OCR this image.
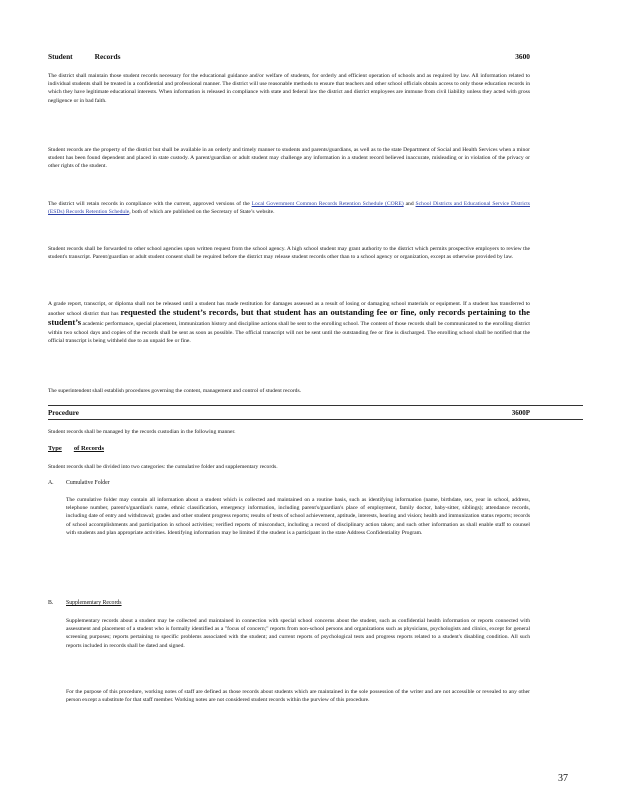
Student	Records	3600

The district shall maintain those student records necessary for the educational guidance and/or welfare of students, for orderly and efficient operation of schools and as required by law. All information related to individual students shall be treated in a confidential and professional manner. The district will use reasonable methods to ensure that teachers and other school officials obtain access to only those education records in which they have legitimate educational interests. When information is released in compliance with state and federal law the district and district employees are immune from civil liability unless they acted with gross negligence or in bad faith.

Student records are the property of the district but shall be available in an orderly and timely manner to students and parents/guardians, as well as to the state Department of Social and Health Services when a minor student has been found dependent and placed in state custody. A parent/guardian or adult student may challenge any information in a student record believed inaccurate, misleading or in violation of the privacy or other rights of the student.

The district will retain records in compliance with the current, approved versions of the Local Government Common Records Retention Schedule (CORE) and School Districts and Educational Service Districts (ESDs) Records Retention Schedule, both of which are published on the Secretary of State’s website.

Student records shall be forwarded to other school agencies upon written request from the school agency. A high school student may grant authority to the district which permits prospective employers to review the student's transcript. Parent/guardian or adult student consent shall be required before the district may release student records other than to a school agency or organization, except as otherwise provided by law.

A grade report, transcript, or diploma shall not be released until a student has made restitution for damages assessed as a result of losing or damaging school materials or equipment. If a student has transferred to another school district that has requested the student’s records, but that student has an outstanding fee or fine, only records pertaining to the student’s academic performance, special placement, immunization history and discipline actions shall be sent to the enrolling school. The content of those records shall be communicated to the enrolling district within two school days and copies of the records shall be sent as soon as possible. The official transcript will not be sent until the outstanding fee or fine is discharged. The enrolling school shall be notified that the official transcript is being withheld due to an unpaid fee or fine.

The superintendent shall establish procedures governing the content, management and control of student records.

Procedure	3600P

Student records shall be managed by the records custodian in the following manner.

Type of Records

Student records shall be divided into two categories: the cumulative folder and supplementary records.

A. Cumulative Folder

The cumulative folder may contain all information about a student which is collected and maintained on a routine basis, such as identifying information (name, birthdate, sex, year in school, address, telephone number, parent's/guardian's name, ethnic classification, emergency information, including parent's/guardian's place of employment, family doctor, baby-sitter, siblings); attendance records, including date of entry and withdrawal; grades and other student progress reports; results of tests of school achievement, aptitude, interests, hearing and vision; health and immunization status reports; records of school accomplishments and participation in school activities; verified reports of misconduct, including a record of disciplinary action taken; and such other information as shall enable staff to counsel with students and plan appropriate activities. Identifying information may be limited if the student is a participant in the state Address Confidentiality Program.

B. Supplementary Records

Supplementary records about a student may be collected and maintained in connection with special school concerns about the student, such as confidential health information or reports connected with assessment and placement of a student who is formally identified as a "focus of concern;" reports from non-school persons and organizations such as physicians, psychologists and clinics, except for general screening purposes; reports pertaining to specific problems associated with the student; and current reports of psychological tests and progress reports related to a student's disabling condition. All such reports included in records shall be dated and signed.

For the purpose of this procedure, working notes of staff are defined as those records about students which are maintained in the sole possession of the writer and are not accessible or revealed to any other person except a substitute for that staff member. Working notes are not considered student records within the purview of this procedure.

37
